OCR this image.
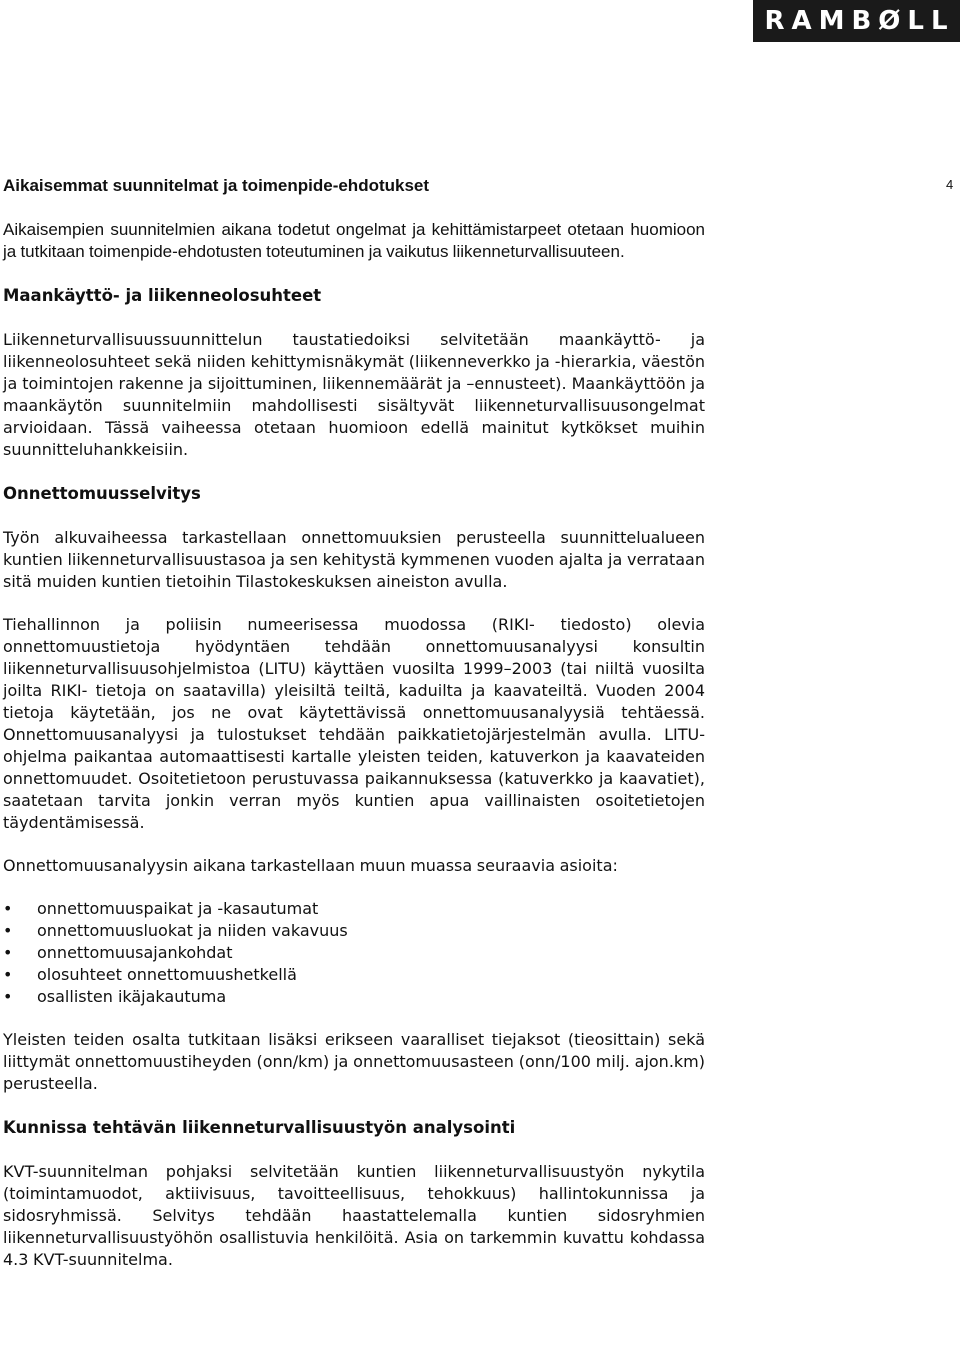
RAMBØLL
4
Aikaisemmat suunnitelmat ja toimenpide-ehdotukset

Aikaisempien suunnitelmien aikana todetut ongelmat ja kehittämistarpeet otetaan huomioon ja tutkitaan toimenpide-ehdotusten toteutuminen ja vaikutus liikenneturvallisuuteen.

Maankäyttö- ja liikenneolosuhteet

Liikenneturvallisuussuunnittelun taustatiedoiksi selvitetään maankäyttö- ja liikenneolosuhteet sekä niiden kehittymisnäkymät (liikenneverkko ja -hierarkia, väestön ja toimintojen rakenne ja sijoittuminen, liikennemäärät ja –ennusteet). Maankäyttöön ja maankäytön suunnitelmiin mahdollisesti sisältyvät liikenneturvallisuusongelmat arvioidaan. Tässä vaiheessa otetaan huomioon edellä mainitut kytkökset muihin suunnitteluhankkeisiin.

Onnettomuusselvitys

Työn alkuvaiheessa tarkastellaan onnettomuuksien perusteella suunnittelualueen kuntien liikenneturvallisuustasoa ja sen kehitystä kymmenen vuoden ajalta ja verrataan sitä muiden kuntien tietoihin Tilastokeskuksen aineiston avulla.

Tiehallinnon ja poliisin numeerisessa muodossa (RIKI- tiedosto) olevia onnettomuustietoja hyödyntäen tehdään onnettomuusanalyysi konsultin liikenneturvallisuusohjelmistoa (LITU) käyttäen vuosilta 1999–2003 (tai niiltä vuosilta joilta RIKI- tietoja on saatavilla) yleisiltä teiltä, kaduilta ja kaavateiltä. Vuoden 2004 tietoja käytetään, jos ne ovat käytettävissä onnettomuusanalyysiä tehtäessä. Onnettomuusanalyysi ja tulostukset tehdään paikkatietojärjestelmän avulla. LITU- ohjelma paikantaa automaattisesti kartalle yleisten teiden, katuverkon ja kaavateiden onnettomuudet. Osoitetietoon perustuvassa paikannuksessa (katuverkko ja kaavatiet), saatetaan tarvita jonkin verran myös kuntien apua vaillinaisten osoitetietojen täydentämisessä.

Onnettomuusanalyysin aikana tarkastellaan muun muassa seuraavia asioita:

• onnettomuuspaikat ja -kasautumat
• onnettomuusluokat ja niiden vakavuus
• onnettomuusajankohdat
• olosuhteet onnettomuushetkellä
• osallisten ikäjakautuma

Yleisten teiden osalta tutkitaan lisäksi erikseen vaaralliset tiejaksot (tieosittain) sekä liittymät onnettomuustiheyden (onn/km) ja onnettomuusasteen (onn/100 milj. ajon.km) perusteella.

Kunnissa tehtävän liikenneturvallisuustyön analysointi

KVT-suunnitelman pohjaksi selvitetään kuntien liikenneturvallisuustyön nykytila (toimintamuodot, aktiivisuus, tavoitteellisuus, tehokkuus) hallintokunnissa ja sidosryhmissä. Selvitys tehdään haastattelemalla kuntien sidosryhmien liikenneturvallisuustyöhön osallistuvia henkilöitä. Asia on tarkemmin kuvattu kohdassa 4.3 KVT-suunnitelma.
